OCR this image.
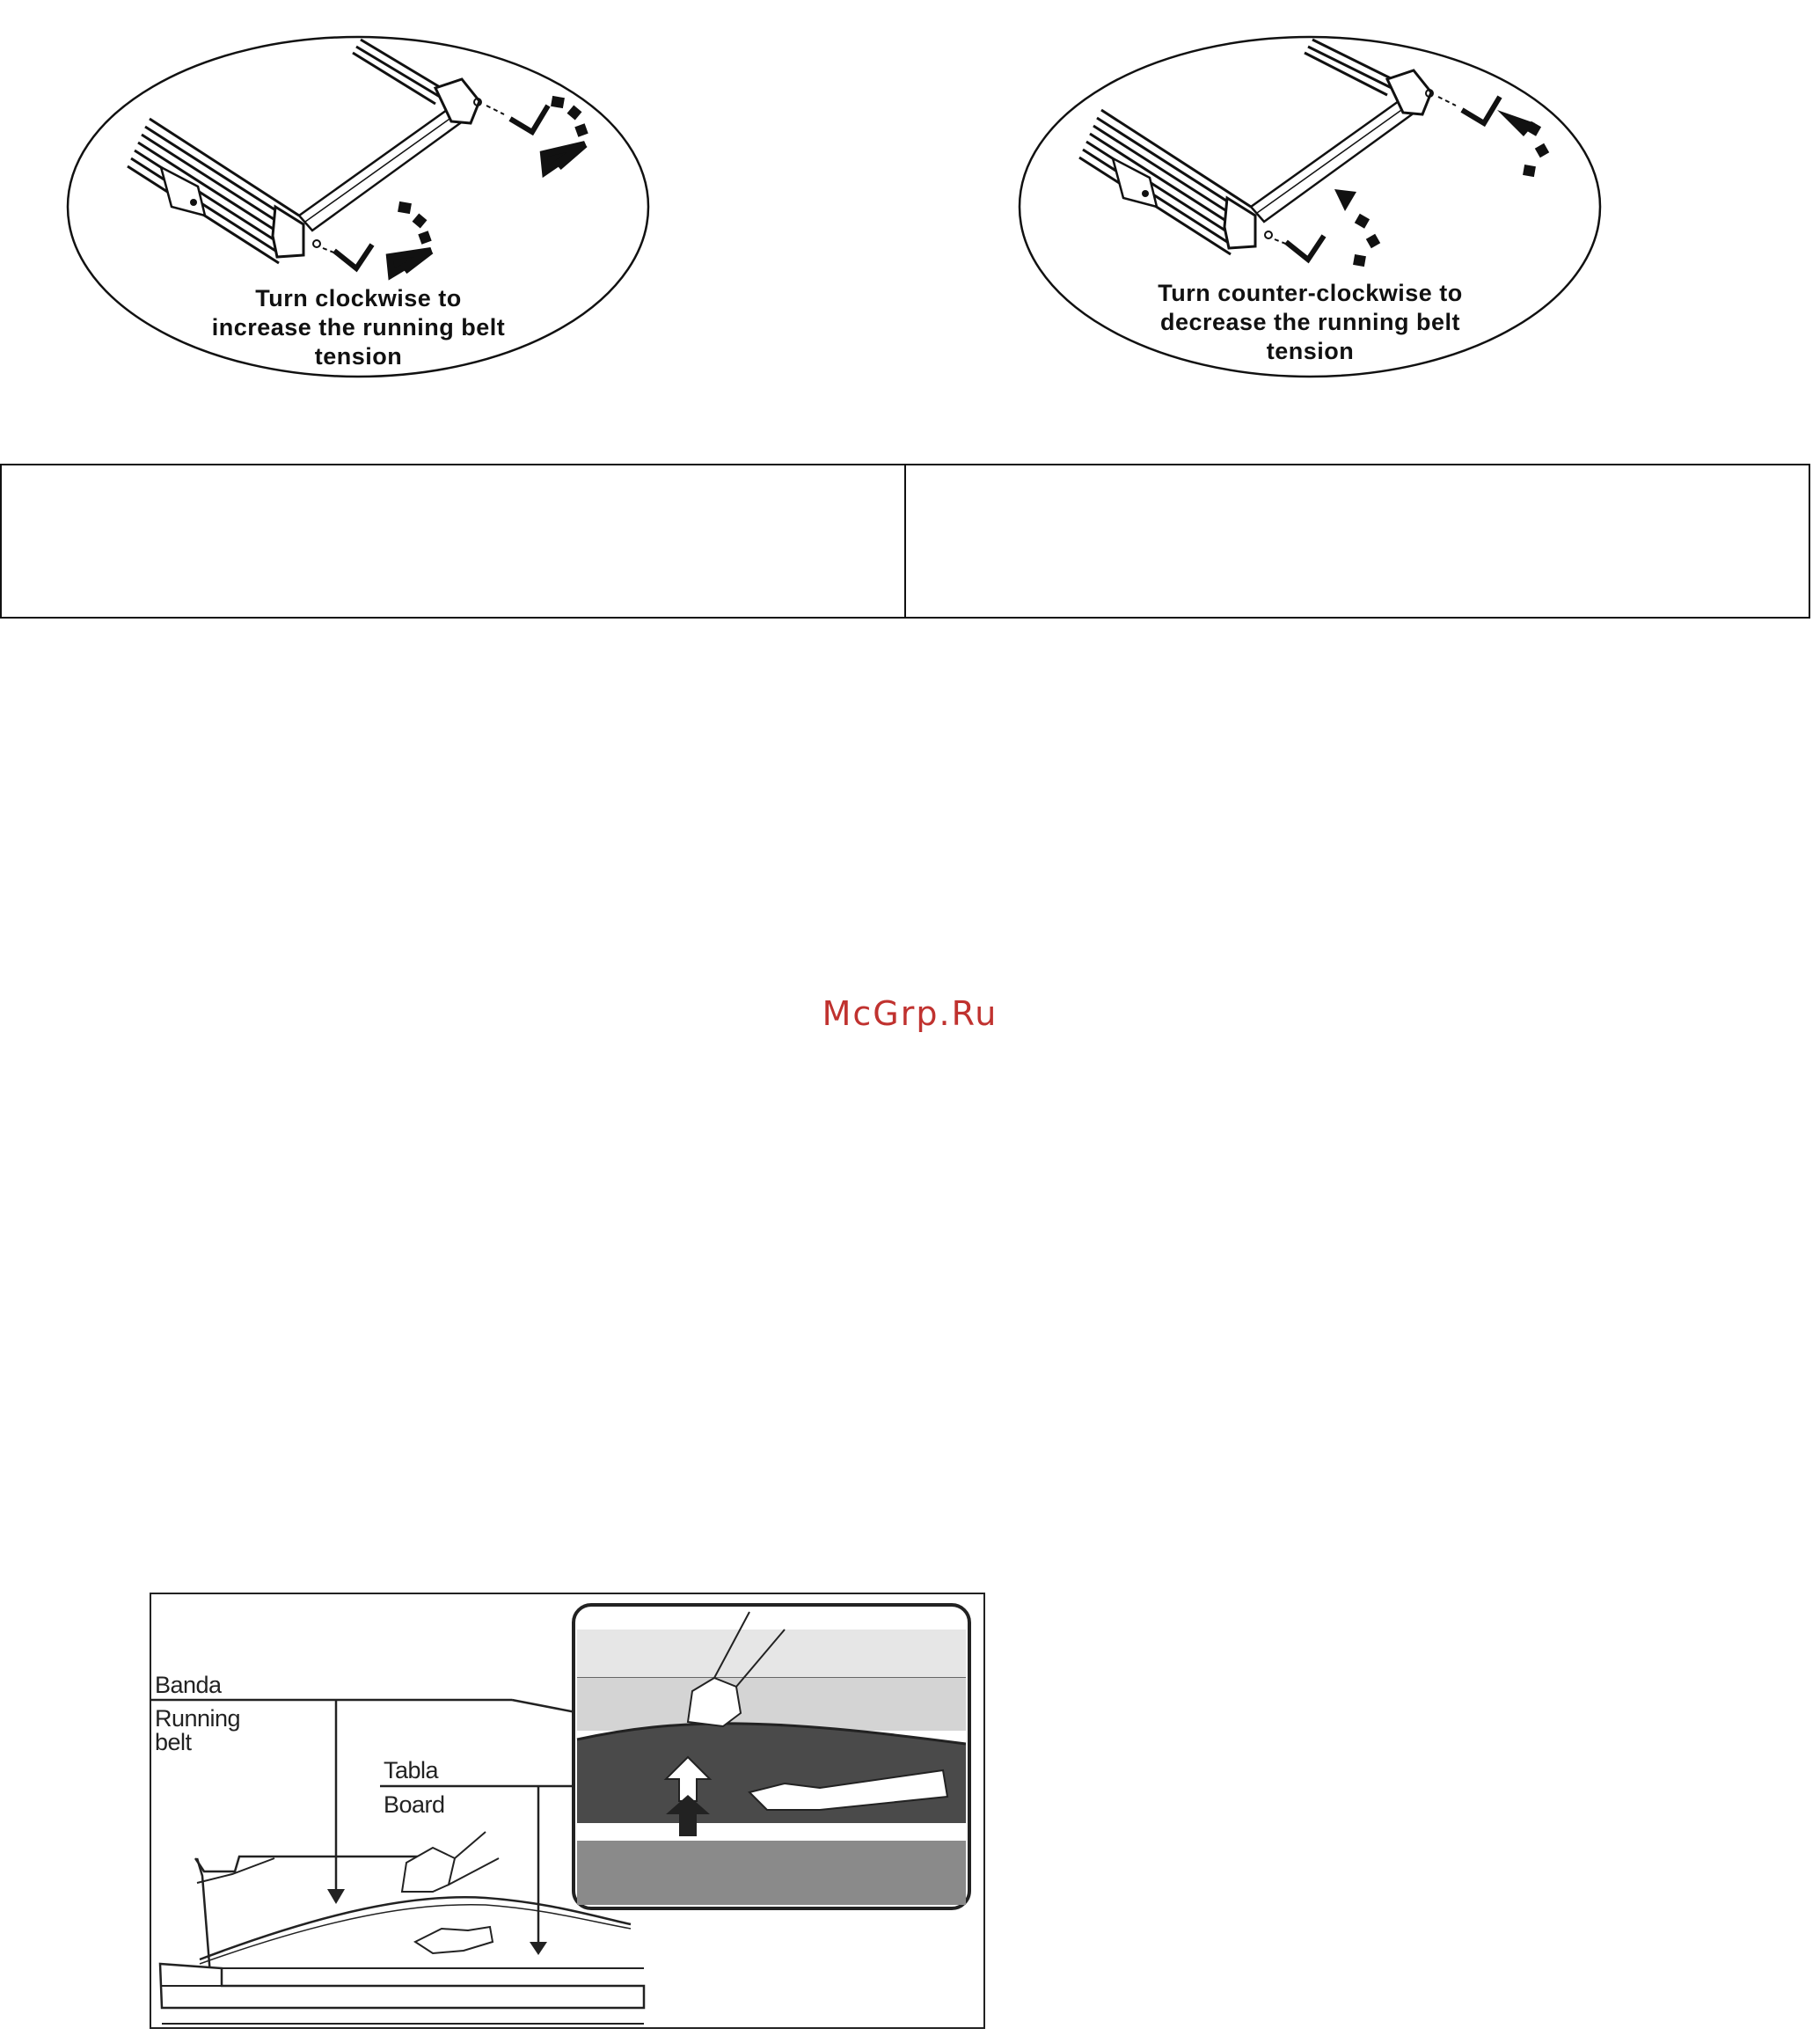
Turn clockwise to
increase the running belt
tension
Turn counter-clockwise to
decrease the running belt
tension
McGrp.Ru
Banda
Running
belt
Tabla
Board
